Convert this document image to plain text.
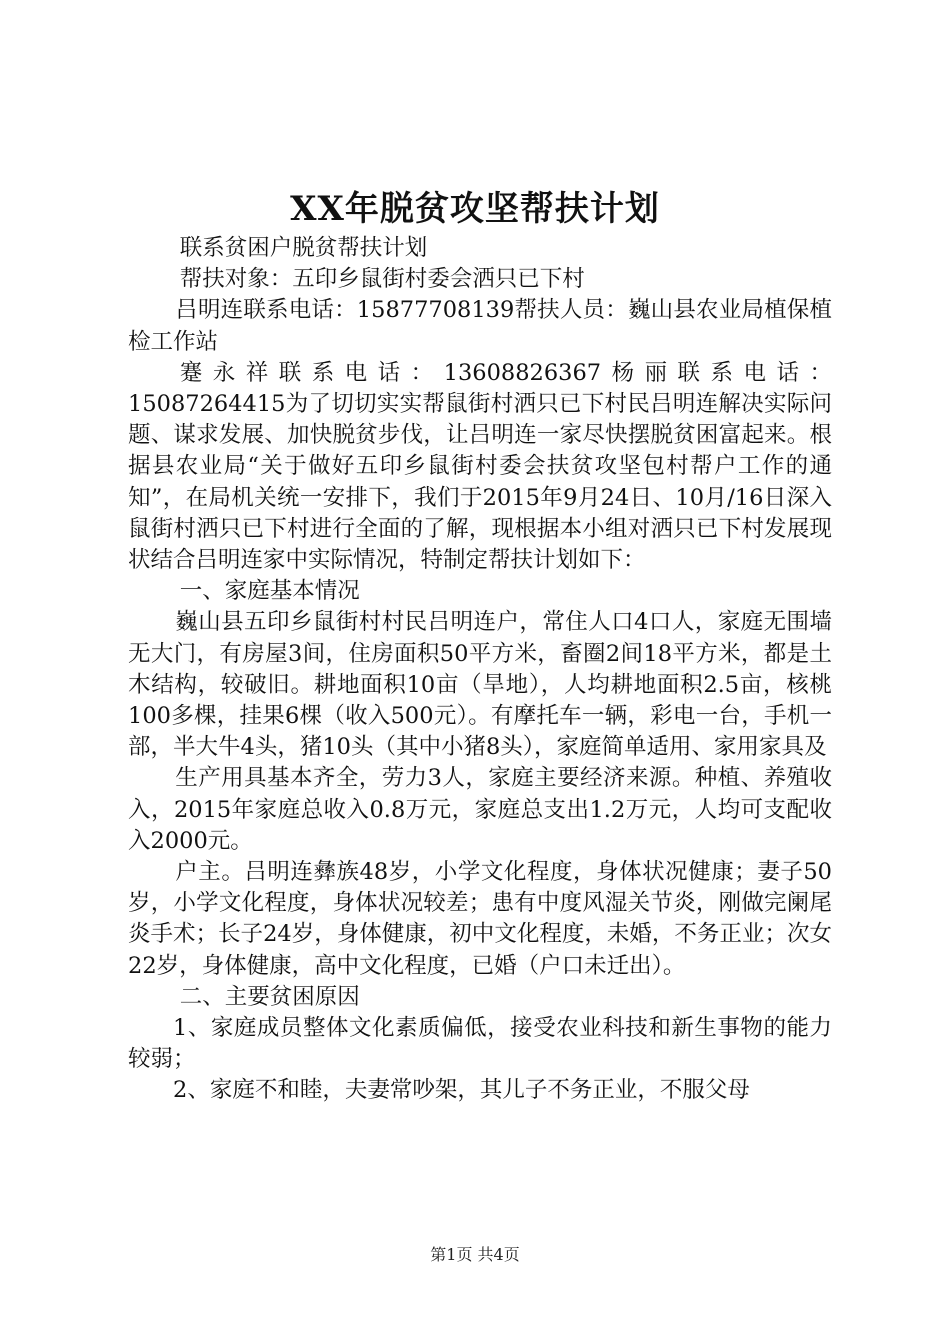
XX年脱贫攻坚帮扶计划

联系贫困户脱贫帮扶计划

帮扶对象：五印乡鼠街村委会洒只已下村

吕明连联系电话：15877708139帮扶人员：巍山县农业局植保植检工作站

蹇永祥联系电话：13608826367杨丽联系电话：15087264415为了切切实实帮鼠街村洒只已下村民吕明连解决实际问题、谋求发展、加快脱贫步伐，让吕明连一家尽快摆脱贫困富起来。根据县农业局“关于做好五印乡鼠街村委会扶贫攻坚包村帮户工作的通知”，在局机关统一安排下，我们于2015年9月24日、10月/16日深入鼠街村洒只已下村进行全面的了解，现根据本小组对洒只已下村发展现状结合吕明连家中实际情况，特制定帮扶计划如下：

一、家庭基本情况

巍山县五印乡鼠街村村民吕明连户，常住人口4口人，家庭无围墙无大门，有房屋3间，住房面积50平方米，畜圈2间18平方米，都是土木结构，较破旧。耕地面积10亩（旱地），人均耕地面积2.5亩，核桃100多棵，挂果6棵（收入500元）。有摩托车一辆，彩电一台，手机一部，半大牛4头，猪10头（其中小猪8头），家庭简单适用、家用家具及

生产用具基本齐全，劳力3人，家庭主要经济来源。种植、养殖收入，2015年家庭总收入0.8万元，家庭总支出1.2万元，人均可支配收入2000元。

户主。吕明连彝族48岁，小学文化程度，身体状况健康；妻子50岁，小学文化程度，身体状况较差；患有中度风湿关节炎，刚做完阑尾炎手术；长子24岁，身体健康，初中文化程度，未婚，不务正业；次女22岁，身体健康，高中文化程度，已婚（户口未迁出）。

二、主要贫困原因

1、家庭成员整体文化素质偏低，接受农业科技和新生事物的能力较弱；

2、家庭不和睦，夫妻常吵架，其儿子不务正业，不服父母

第1页 共4页
